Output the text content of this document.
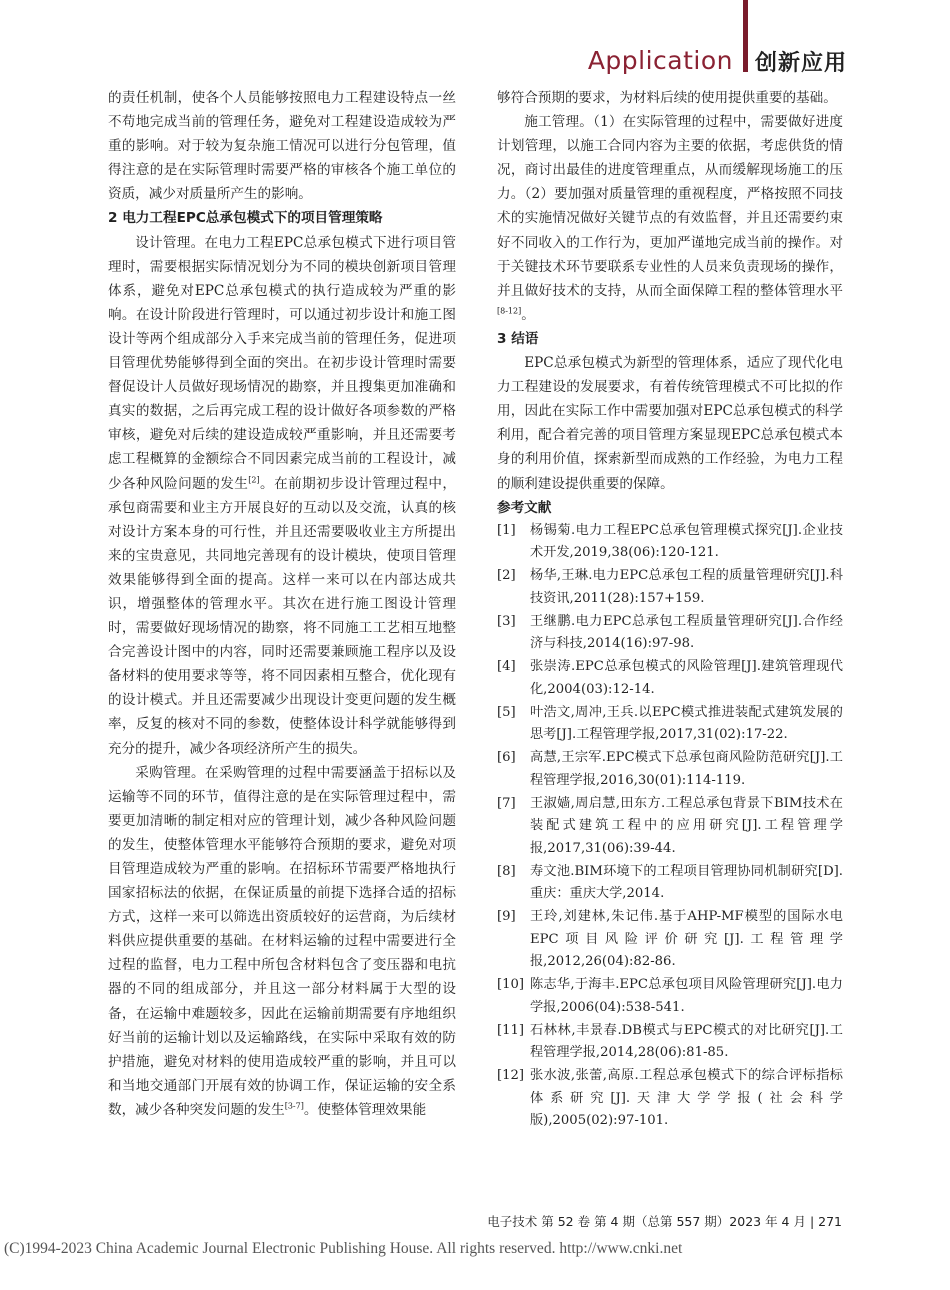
Application 创新应用

的责任机制，使各个人员能够按照电力工程建设特点一丝不苟地完成当前的管理任务，避免对工程建设造成较为严重的影响。对于较为复杂施工情况可以进行分包管理，值得注意的是在实际管理时需要严格的审核各个施工单位的资质，减少对质量所产生的影响。

2 电力工程EPC总承包模式下的项目管理策略

设计管理。在电力工程EPC总承包模式下进行项目管理时，需要根据实际情况划分为不同的模块创新项目管理体系，避免对EPC总承包模式的执行造成较为严重的影响。在设计阶段进行管理时，可以通过初步设计和施工图设计等两个组成部分入手来完成当前的管理任务，促进项目管理优势能够得到全面的突出。在初步设计管理时需要督促设计人员做好现场情况的勘察，并且搜集更加准确和真实的数据，之后再完成工程的设计做好各项参数的严格审核，避免对后续的建设造成较严重影响，并且还需要考虑工程概算的金额综合不同因素完成当前的工程设计，减少各种风险问题的发生[2]。在前期初步设计管理过程中，承包商需要和业主方开展良好的互动以及交流，认真的核对设计方案本身的可行性，并且还需要吸收业主方所提出来的宝贵意见，共同地完善现有的设计模块，使项目管理效果能够得到全面的提高。这样一来可以在内部达成共识，增强整体的管理水平。其次在进行施工图设计管理时，需要做好现场情况的勘察，将不同施工工艺相互地整合完善设计图中的内容，同时还需要兼顾施工程序以及设备材料的使用要求等等，将不同因素相互整合，优化现有的设计模式。并且还需要减少出现设计变更问题的发生概率，反复的核对不同的参数，使整体设计科学就能够得到充分的提升，减少各项经济所产生的损失。

采购管理。在采购管理的过程中需要涵盖于招标以及运输等不同的环节，值得注意的是在实际管理过程中，需要更加清晰的制定相对应的管理计划，减少各种风险问题的发生，使整体管理水平能够符合预期的要求，避免对项目管理造成较为严重的影响。在招标环节需要严格地执行国家招标法的依据，在保证质量的前提下选择合适的招标方式，这样一来可以筛选出资质较好的运营商，为后续材料供应提供重要的基础。在材料运输的过程中需要进行全过程的监督，电力工程中所包含材料包含了变压器和电抗器的不同的组成部分，并且这一部分材料属于大型的设备，在运输中难题较多，因此在运输前期需要有序地组织好当前的运输计划以及运输路线，在实际中采取有效的防护措施，避免对材料的使用造成较严重的影响，并且可以和当地交通部门开展有效的协调工作，保证运输的安全系数，减少各种突发问题的发生[3-7]。使整体管理效果能

够符合预期的要求，为材料后续的使用提供重要的基础。

施工管理。（1）在实际管理的过程中，需要做好进度计划管理，以施工合同内容为主要的依据，考虑供货的情况，商讨出最佳的进度管理重点，从而缓解现场施工的压力。（2）要加强对质量管理的重视程度，严格按照不同技术的实施情况做好关键节点的有效监督，并且还需要约束好不同收入的工作行为，更加严谨地完成当前的操作。对于关键技术环节要联系专业性的人员来负责现场的操作，并且做好技术的支持，从而全面保障工程的整体管理水平[8-12]。

3 结语

EPC总承包模式为新型的管理体系，适应了现代化电力工程建设的发展要求，有着传统管理模式不可比拟的作用，因此在实际工作中需要加强对EPC总承包模式的科学利用，配合着完善的项目管理方案显现EPC总承包模式本身的利用价值，探索新型而成熟的工作经验，为电力工程的顺利建设提供重要的保障。

参考文献

[1] 杨锡菊.电力工程EPC总承包管理模式探究[J].企业技术开发,2019,38(06):120-121.
[2] 杨华,王琳.电力EPC总承包工程的质量管理研究[J].科技资讯,2011(28):157+159.
[3] 王继鹏.电力EPC总承包工程质量管理研究[J].合作经济与科技,2014(16):97-98.
[4] 张崇涛.EPC总承包模式的风险管理[J].建筑管理现代化,2004(03):12-14.
[5] 叶浩文,周冲,王兵.以EPC模式推进装配式建筑发展的思考[J].工程管理学报,2017,31(02):17-22.
[6] 高慧,王宗军.EPC模式下总承包商风险防范研究[J].工程管理学报,2016,30(01):114-119.
[7] 王淑嫱,周启慧,田东方.工程总承包背景下BIM技术在装配式建筑工程中的应用研究[J].工程管理学报,2017,31(06):39-44.
[8] 寿文池.BIM环境下的工程项目管理协同机制研究[D].重庆：重庆大学,2014.
[9] 王玲,刘建林,朱记伟.基于AHP-MF模型的国际水电EPC项目风险评价研究[J].工程管理学报,2012,26(04):82-86.
[10] 陈志华,于海丰.EPC总承包项目风险管理研究[J].电力学报,2006(04):538-541.
[11] 石林林,丰景春.DB模式与EPC模式的对比研究[J].工程管理学报,2014,28(06):81-85.
[12] 张水波,张蕾,高原.工程总承包模式下的综合评标指标体系研究[J].天津大学学报(社会科学版),2005(02):97-101.
电子技术 第 52 卷 第 4 期（总第 557 期）2023 年 4 月 | 271
(C)1994-2023 China Academic Journal Electronic Publishing House. All rights reserved. http://www.cnki.net
